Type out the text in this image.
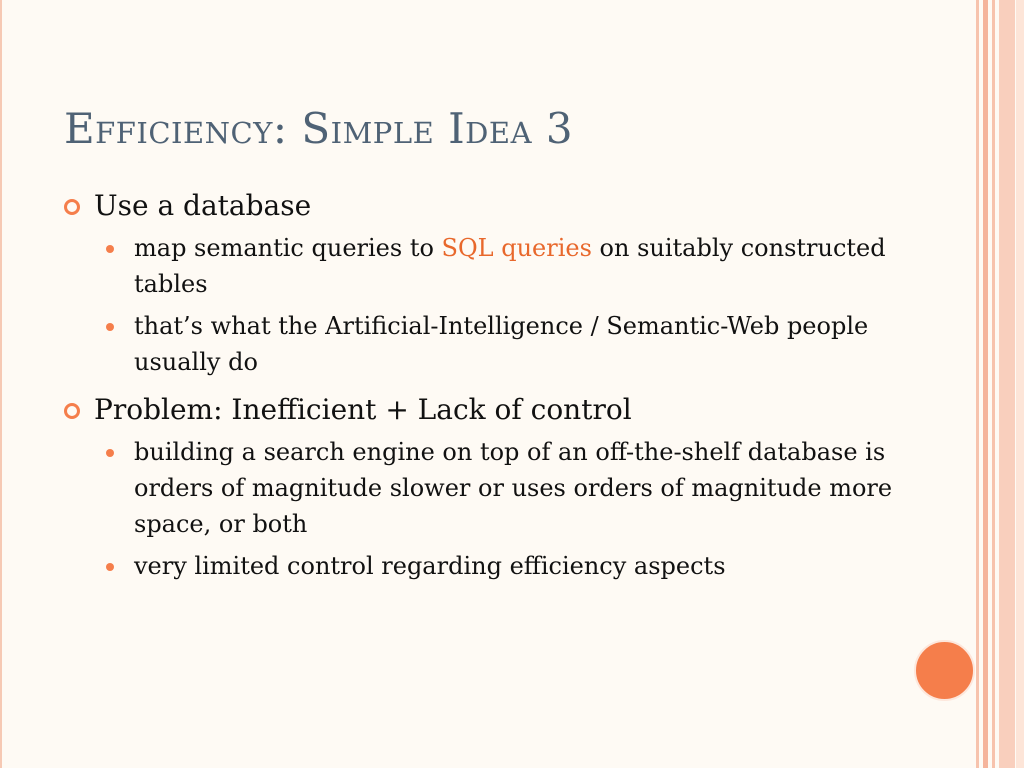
Efficiency: Simple Idea 3
Use a database
map semantic queries to SQL queries on suitably constructed tables
that’s what the Artificial-Intelligence / Semantic-Web people usually do
Problem: Inefficient + Lack of control
building a search engine on top of an off-the-shelf database is orders of magnitude slower or uses orders of magnitude more space, or both
very limited control regarding efficiency aspects
